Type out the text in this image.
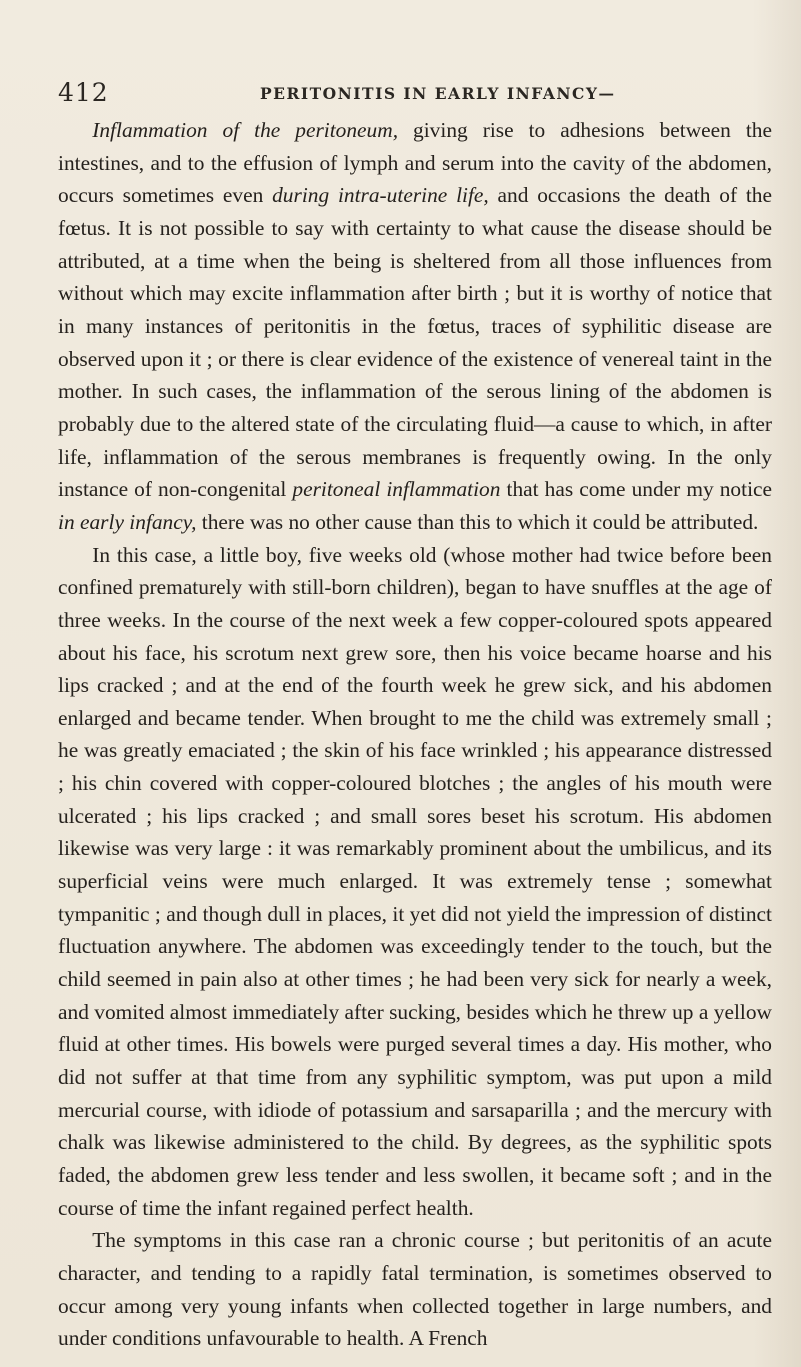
412	PERITONITIS IN EARLY INFANCY—

Inflammation of the peritoneum, giving rise to adhesions between the intestines, and to the effusion of lymph and serum into the cavity of the abdomen, occurs sometimes even during intra-uterine life, and occasions the death of the fœtus. It is not possible to say with certainty to what cause the disease should be attributed, at a time when the being is sheltered from all those influences from without which may excite inflammation after birth ; but it is worthy of notice that in many instances of peritonitis in the fœtus, traces of syphilitic disease are observed upon it ; or there is clear evidence of the existence of venereal taint in the mother. In such cases, the inflammation of the serous lining of the abdomen is probably due to the altered state of the circulating fluid—a cause to which, in after life, inflammation of the serous membranes is frequently owing. In the only instance of non-congenital peritoneal inflammation that has come under my notice in early infancy, there was no other cause than this to which it could be attributed.

In this case, a little boy, five weeks old (whose mother had twice before been confined prematurely with still-born children), began to have snuffles at the age of three weeks. In the course of the next week a few copper-coloured spots appeared about his face, his scrotum next grew sore, then his voice became hoarse and his lips cracked ; and at the end of the fourth week he grew sick, and his abdomen enlarged and became tender. When brought to me the child was extremely small ; he was greatly emaciated ; the skin of his face wrinkled ; his appearance distressed ; his chin covered with copper-coloured blotches ; the angles of his mouth were ulcerated ; his lips cracked ; and small sores beset his scrotum. His abdomen likewise was very large : it was remarkably prominent about the umbilicus, and its superficial veins were much enlarged. It was extremely tense ; somewhat tympanitic ; and though dull in places, it yet did not yield the impression of distinct fluctuation anywhere. The abdomen was exceedingly tender to the touch, but the child seemed in pain also at other times ; he had been very sick for nearly a week, and vomited almost immediately after sucking, besides which he threw up a yellow fluid at other times. His bowels were purged several times a day. His mother, who did not suffer at that time from any syphilitic symptom, was put upon a mild mercurial course, with idiode of potassium and sarsaparilla ; and the mercury with chalk was likewise administered to the child. By degrees, as the syphilitic spots faded, the abdomen grew less tender and less swollen, it became soft ; and in the course of time the infant regained perfect health.

The symptoms in this case ran a chronic course ; but peritonitis of an acute character, and tending to a rapidly fatal termination, is sometimes observed to occur among very young infants when collected together in large numbers, and under conditions unfavourable to health. A French
